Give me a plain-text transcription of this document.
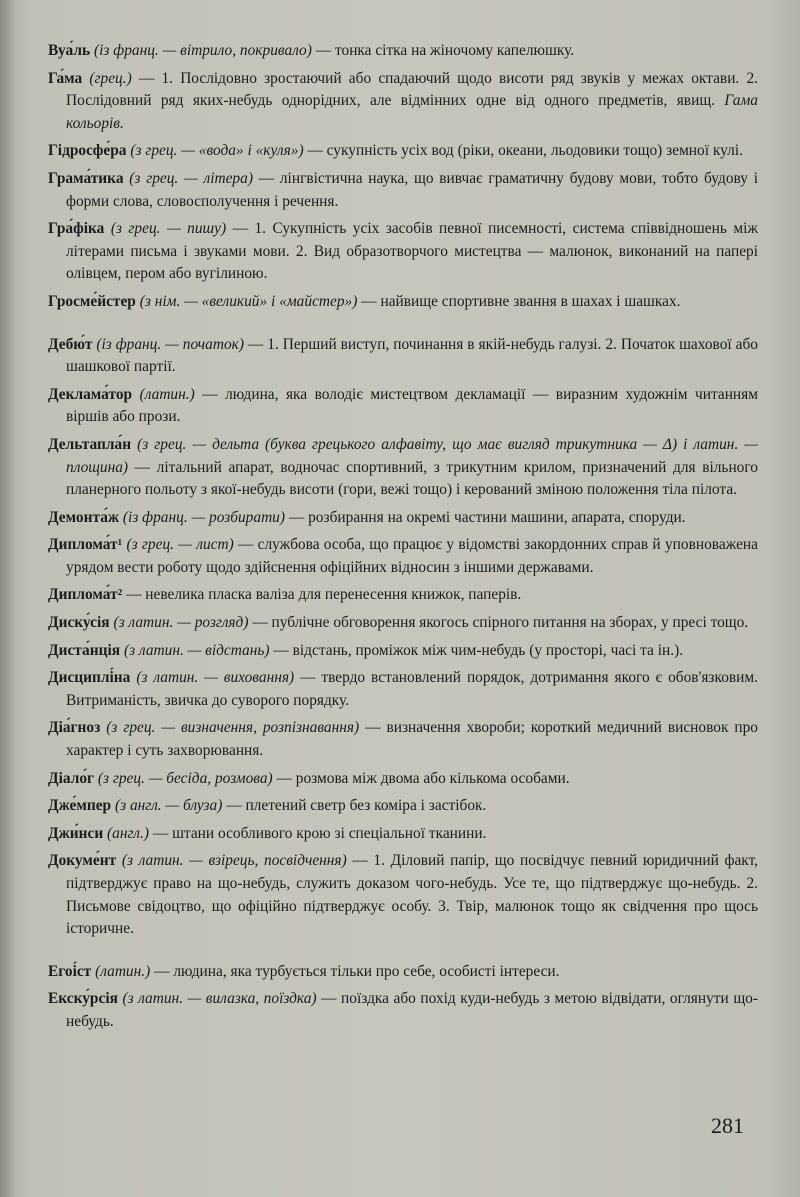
Вуа́ль (із франц. — вітрило, покривало) — тонка сітка на жіночому капелюшку.

Га́ма (грец.) — 1. Послідовно зростаючий або спадаючий щодо висоти ряд звуків у межах октави. 2. Послідовний ряд яких-небудь однорідних, але відмінних одне від одного предметів, явищ. Гама кольорів.

Гідросфе́ра (з грец. — «вода» і «куля») — сукупність усіх вод (ріки, океани, льодовики тощо) земної кулі.

Грама́тика (з грец. — літера) — лінгвістична наука, що вивчає граматичну будову мови, тобто будову і форми слова, словосполучення і речення.

Гра́фіка (з грец. — пишу) — 1. Сукупність усіх засобів певної писемності, система співвідношень між літерами письма і звуками мови. 2. Вид образотворчого мистецтва — малюнок, виконаний на папері олівцем, пером або вугілиною.

Гросме́йстер (з нім. — «великий» і «майстер») — найвище спортивне звання в шахах і шашках.

Дебю́т (із франц. — початок) — 1. Перший виступ, починання в якій-небудь галузі. 2. Початок шахової або шашкової партії.

Деклама́тор (латин.) — людина, яка володіє мистецтвом декламації — виразним художнім читанням віршів або прози.

Дельтапла́н (з грец. — дельта (буква грецького алфавіту, що має вигляд трикутника — Δ) і латин. — площина) — літальний апарат, водночас спортивний, з трикутним крилом, призначений для вільного планерного польоту з якої-небудь висоти (гори, вежі тощо) і керований зміною положення тіла пілота.

Демонта́ж (із франц. — розбирати) — розбирання на окремі частини машини, апарата, споруди.

Диплома́т¹ (з грец. — лист) — службова особа, що працює у відомстві закордонних справ й уповноважена урядом вести роботу щодо здійснення офіційних відносин з іншими державами.

Диплома́т² — невелика пласка валіза для перенесення книжок, паперів.

Диску́сія (з латин. — розгляд) — публічне обговорення якогось спірного питання на зборах, у пресі тощо.

Диста́нція (з латин. — відстань) — відстань, проміжок між чим-небудь (у просторі, часі та ін.).

Дисциплі́на (з латин. — виховання) — твердо встановлений порядок, дотримання якого є обов'язковим. Витриманість, звичка до суворого порядку.

Діа́гноз (з грец. — визначення, розпізнавання) — визначення хвороби; короткий медичний висновок про характер і суть захворювання.

Діало́г (з грец. — бесіда, розмова) — розмова між двома або кількома особами.

Дже́мпер (з англ. — блуза) — плетений светр без коміра і застібок.

Джи́нси (англ.) — штани особливого крою зі спеціальної тканини.

Докуме́нт (з латин. — взірець, посвідчення) — 1. Діловий папір, що посвідчує певний юридичний факт, підтверджує право на що-небудь, служить доказом чого-небудь. Усе те, що підтверджує що-небудь. 2. Письмове свідоцтво, що офіційно підтверджує особу. 3. Твір, малюнок тощо як свідчення про щось історичне.

Егоі́ст (латин.) — людина, яка турбується тільки про себе, особисті інтереси.

Екску́рсія (з латин. — вилазка, поїздка) — поїздка або похід куди-небудь з метою відвідати, оглянути що-небудь.

281
